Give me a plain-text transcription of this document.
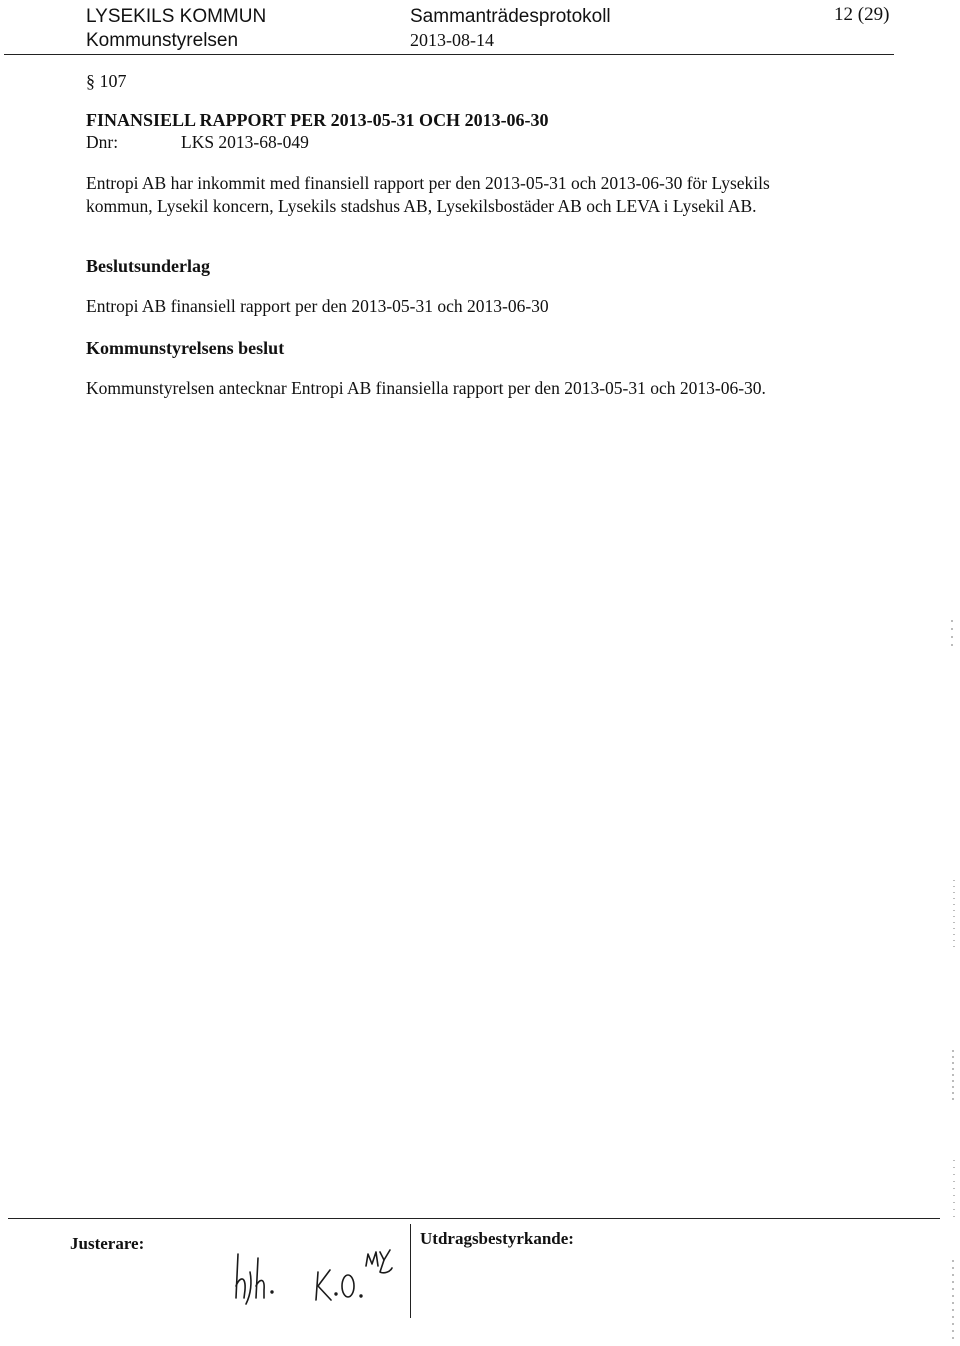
LYSEKILS KOMMUN
Kommunstyrelsen
Sammanträdesprotokoll
2013-08-14
12 (29)
§ 107
FINANSIELL RAPPORT PER 2013-05-31 OCH 2013-06-30
Dnr:	LKS 2013-68-049
Entropi AB har inkommit med finansiell rapport per den 2013-05-31 och 2013-06-30 för Lysekils kommun, Lysekil koncern, Lysekils stadshus AB, Lysekilsbostäder AB och LEVA i Lysekil AB.
Beslutsunderlag
Entropi AB finansiell rapport per den 2013-05-31 och 2013-06-30
Kommunstyrelsens beslut
Kommunstyrelsen antecknar Entropi AB finansiella rapport per den 2013-05-31 och 2013-06-30.
Justerare:	Utdragsbestyrkande:
